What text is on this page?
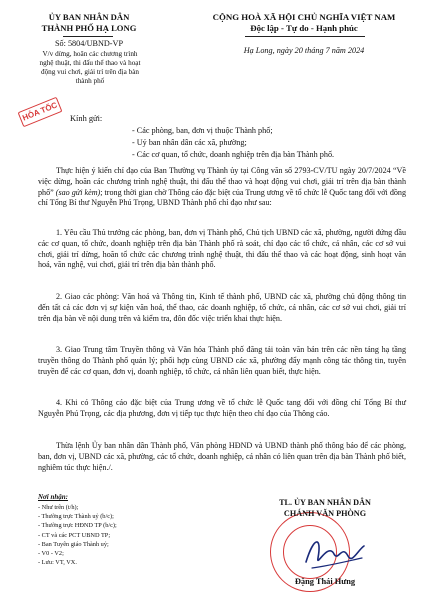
ỦY BAN NHÂN DÂN
THÀNH PHỐ HẠ LONG
CỘNG HOÀ XÃ HỘI CHỦ NGHĨA VIỆT NAM
Độc lập - Tự do - Hạnh phúc
Số: 5804/UBND-VP
V/v dừng, hoãn các chương trình
nghệ thuật, thi đấu thể thao và hoạt
động vui chơi, giải trí trên địa bàn
thành phố
Hạ Long, ngày 20 tháng 7 năm 2024
HỎA TỐC	Kính gửi:
- Các phòng, ban, đơn vị thuộc Thành phố;
- Uỷ ban nhân dân các xã, phường;
- Các cơ quan, tổ chức, doanh nghiệp trên địa bàn Thành phố.
Thực hiện ý kiến chỉ đạo của Ban Thường vụ Thành ủy tại Công văn số 2793-CV/TU ngày 20/7/2024 “Về việc dừng, hoãn các chương trình nghệ thuật, thi đấu thể thao và hoạt động vui chơi, giải trí trên địa bàn thành phố” (sao gửi kèm); trong thời gian chờ Thông cáo đặc biệt của Trung ương về tổ chức lễ Quốc tang đối với đồng chí Tổng Bí thư Nguyễn Phú Trọng, UBND Thành phố chỉ đạo như sau:
1. Yêu cầu Thủ trưởng các phòng, ban, đơn vị Thành phố, Chủ tịch UBND các xã, phường, người đứng đầu các cơ quan, tổ chức, doanh nghiệp trên địa bàn Thành phố rà soát, chỉ đạo các tổ chức, cá nhân, các cơ sở vui chơi, giải trí dừng, hoãn tổ chức các chương trình nghệ thuật, thi đấu thể thao và các hoạt động, sinh hoạt văn hoá, văn nghệ, vui chơi, giải trí trên địa bàn thành phố.
2. Giao các phòng: Văn hoá và Thông tin, Kinh tế thành phố, UBND các xã, phường chủ động thông tin đến tất cả các đơn vị sự kiện văn hoá, thể thao, các doanh nghiệp, tổ chức, cá nhân, các cơ sở vui chơi, giải trí trên địa bàn về nội dung trên và kiểm tra, đôn đốc việc triển khai thực hiện.
3. Giao Trung tâm Truyền thông và Văn hóa Thành phố đăng tải toàn văn bản trên các nền tảng hạ tầng truyền thông do Thành phố quản lý; phối hợp cùng UBND các xã, phường đẩy mạnh công tác thông tin, tuyên truyền để các cơ quan, đơn vị, doanh nghiệp, tổ chức, cá nhân liên quan biết, thực hiện.
4. Khi có Thông cáo đặc biệt của Trung ương về tổ chức lễ Quốc tang đối với đồng chí Tổng Bí thư Nguyễn Phú Trọng, các địa phương, đơn vị tiếp tục thực hiện theo chỉ đạo của Thông cáo.
Thừa lệnh Ủy ban nhân dân Thành phố, Văn phòng HĐND và UBND thành phố thông báo để các phòng, ban, đơn vị, UBND các xã, phường, các tổ chức, doanh nghiệp, cá nhân có liên quan trên địa bàn Thành phố biết, nghiêm túc thực hiện./.
Nơi nhận:
- Như trên (t/h);
- Thường trực Thành uỷ (b/c);
- Thường trực HĐND TP (b/c);
- CT và các PCT UBND TP;
- Ban Tuyên giáo Thành uỷ;
- V0 - V2;
- Lưu: VT, VX.
TL. ỦY BAN NHÂN DÂN
CHÁNH VĂN PHÒNG
Đặng Thái Hưng
